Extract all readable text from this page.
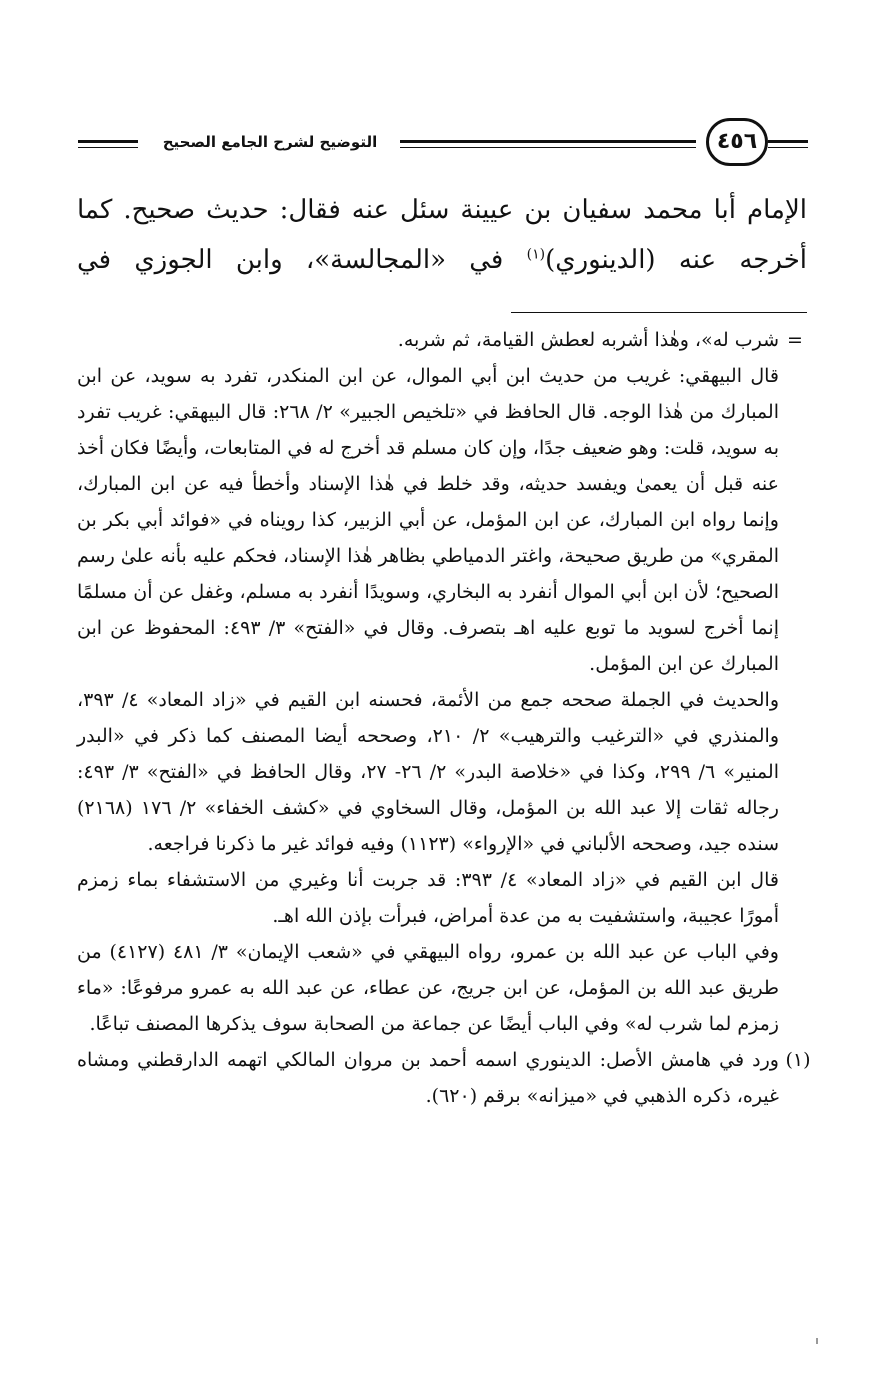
التوضيح لشرح الجامع الصحيح	٤٥٦

الإمام أبا محمد سفيان بن عيينة سئل عنه فقال: حديث صحيح. كما

أخرجه عنه (الدينوري)$^{(١)}$ في «المجالسة»، وابن الجوزي في

=

شرب له»، وهٰذا أشربه لعطش القيامة، ثم شربه.

قال البيهقي: غريب من حديث ابن أبي الموال، عن ابن المنكدر، تفرد به سويد، عن ابن المبارك من هٰذا الوجه. قال الحافظ في «تلخيص الجبير» ٢/ ٢٦٨: قال البيهقي: غريب تفرد به سويد، قلت: وهو ضعيف جدًا، وإن كان مسلم قد أخرج له في المتابعات، وأيضًا فكان أخذ عنه قبل أن يعمىٰ ويفسد حديثه، وقد خلط في هٰذا الإسناد وأخطأ فيه عن ابن المبارك، وإنما رواه ابن المبارك، عن ابن المؤمل، عن أبي الزبير، كذا رويناه في «فوائد أبي بكر بن المقري» من طريق صحيحة، واغتر الدمياطي بظاهر هٰذا الإسناد، فحكم عليه بأنه علىٰ رسم الصحيح؛ لأن ابن أبي الموال أنفرد به البخاري، وسويدًا أنفرد به مسلم، وغفل عن أن مسلمًا إنما أخرج لسويد ما توبع عليه اهـ بتصرف. وقال في «الفتح» ٣/ ٤٩٣: المحفوظ عن ابن المبارك عن ابن المؤمل.

والحديث في الجملة صححه جمع من الأئمة، فحسنه ابن القيم في «زاد المعاد» ٤/ ٣٩٣، والمنذري في «الترغيب والترهيب» ٢/ ٢١٠، وصححه أيضا المصنف كما ذكر في «البدر المنير» ٦/ ٢٩٩، وكذا في «خلاصة البدر» ٢/ ٢٦- ٢٧، وقال الحافظ في «الفتح» ٣/ ٤٩٣: رجاله ثقات إلا عبد الله بن المؤمل، وقال السخاوي في «كشف الخفاء» ٢/ ١٧٦ (٢١٦٨) سنده جيد، وصححه الألباني في «الإرواء» (١١٢٣) وفيه فوائد غير ما ذكرنا فراجعه.

قال ابن القيم في «زاد المعاد» ٤/ ٣٩٣: قد جربت أنا وغيري من الاستشفاء بماء زمزم أمورًا عجيبة، واستشفيت به من عدة أمراض، فبرأت بإذن الله اهـ.

وفي الباب عن عبد الله بن عمرو، رواه البيهقي في «شعب الإيمان» ٣/ ٤٨١ (٤١٢٧) من طريق عبد الله بن المؤمل، عن ابن جريج، عن عطاء، عن عبد الله به عمرو مرفوعًا: «ماء زمزم لما شرب له» وفي الباب أيضًا عن جماعة من الصحابة سوف يذكرها المصنف تباعًا.

(١)

ورد في هامش الأصل: الدينوري اسمه أحمد بن مروان المالكي اتهمه الدارقطني ومشاه غيره، ذكره الذهبي في «ميزانه» برقم (٦٢٠).
